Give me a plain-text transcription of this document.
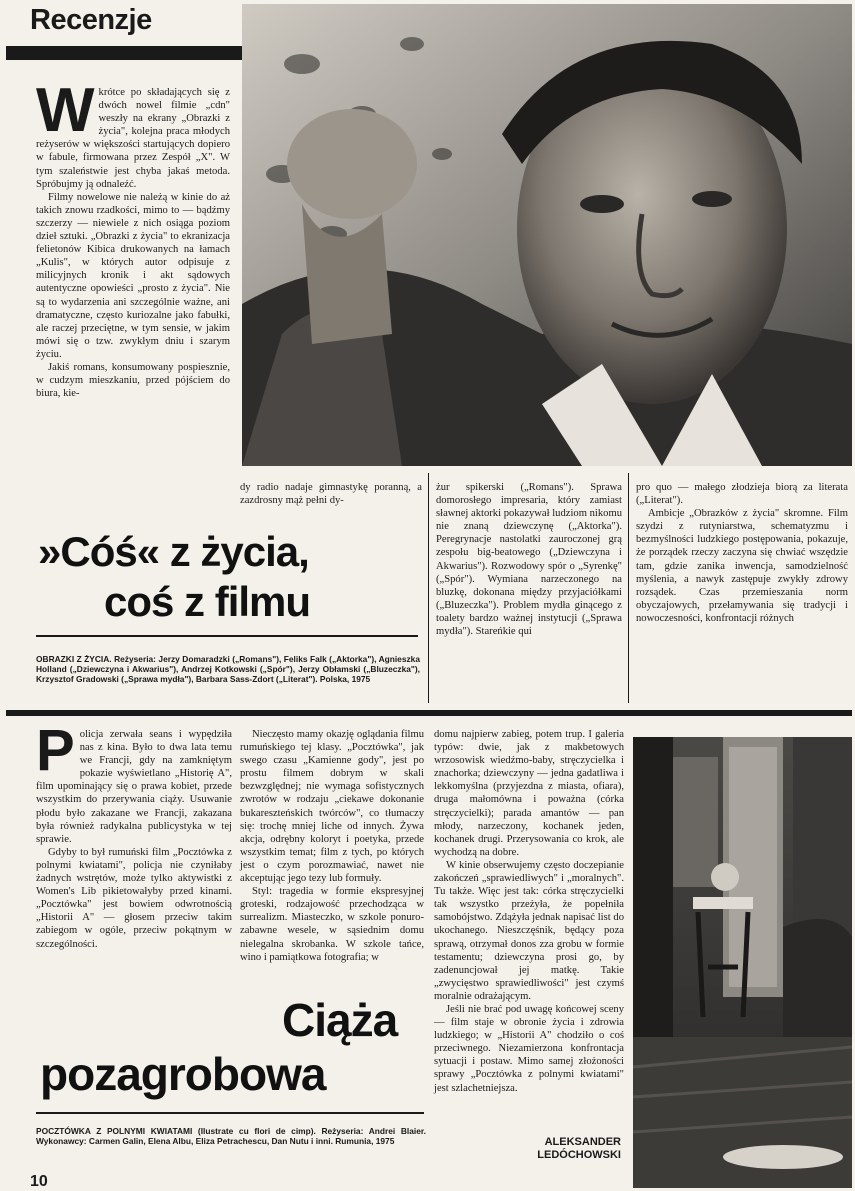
Recenzje
W krótce po składających się z dwóch nowel filmie „cdn" weszły na ekrany „Obrazki z życia", kolejna praca młodych reżyserów w większości startujących dopiero w fabule, firmowana przez Zespół „X". W tym szaleństwie jest chyba jakaś metoda. Spróbujmy ją odnaleźć.

Filmy nowelowe nie należą w kinie do aż takich znowu rzadkości, mimo to — bądźmy szczerzy — niewiele z nich osiąga poziom dzieł sztuki. „Obrazki z życia" to ekranizacja felietonów Kibica drukowanych na łamach „Kulis", w których autor odpisuje z milicyjnych kronik i akt sądowych autentyczne opowieści „prosto z życia". Nie są to wydarzenia ani szczególnie ważne, ani dramatyczne, często kuriozalne jako fabułki, ale raczej przeciętne, w tym sensie, w jakim mówi się o tzw. zwykłym dniu i szarym życiu.

Jakiś romans, konsumowany pospiesznie, w cudzym mieszkaniu, przed pójściem do biura, kie-

dy radio nadaje gimnastykę poranną, a zazdrosny mąż pełni dy-

»Cóś« z życia,
coś z filmu
OBRAZKI Z ŻYCIA. Reżyseria: Jerzy Domaradzki („Romans"), Feliks Falk („Aktorka"), Agnieszka Holland („Dziewczyna i Akwarius"), Andrzej Kotkowski („Spór"), Jerzy Obłamski („Bluzeczka"), Krzysztof Gradowski („Sprawa mydła"), Barbara Sass-Zdort („Literat"). Polska, 1975

żur spikerski („Romans"). Sprawa domorosłego impresaria, który zamiast sławnej aktorki pokazywał ludziom nikomu nie znaną dziewczynę („Aktorka"). Peregrynacje nastolatki zauroczonej grą zespołu big-beatowego („Dziewczyna i Akwarius"). Rozwodowy spór o „Syrenkę" („Spór"). Wymiana narzeczonego na bluzkę, dokonana między przyjaciółkami („Bluzeczka"). Problem mydła ginącego z toalety bardzo ważnej instytucji („Sprawa mydła"). Stareńkie qui

pro quo — małego złodzieja biorą za literata („Literat").

Ambicje „Obrazków z życia" skromne. Film szydzi z rutyniarstwa, schematyzmu i bezmyślności ludzkiego postępowania, pokazuje, że porządek rzeczy zaczyna się chwiać wszędzie tam, gdzie zanika inwencja, samodzielność myślenia, a nawyk zastępuje zwykły zdrowy rozsądek. Czas przemieszania norm obyczajowych, przełamywania się tradycji i nowoczesności, konfrontacji różnych

P olicja zerwała seans i wypędziła nas z kina. Było to dwa lata temu we Francji, gdy na zamkniętym pokazie wyświetlano „Historię A", film upominający się o prawa kobiet, przede wszystkim do przerywania ciąży. Usuwanie płodu było zakazane we Francji, zakazana była również radykalna publicystyka w tej sprawie.

Gdyby to był rumuński film „Pocztówka z polnymi kwiatami", policja nie czyniłaby żadnych wstrętów, może tylko aktywistki z Women's Lib pikietowałyby przed kinami. „Pocztówka" jest bowiem odwrotnością „Historii A" — głosem przeciw takim zabiegom w ogóle, przeciw pokątnym w szczególności.

Nieczęsto mamy okazję oglądania filmu rumuńskiego tej klasy. „Pocztówka", jak swego czasu „Kamienne gody", jest po prostu filmem dobrym w skali bezwzględnej; nie wymaga sofistycznych zwrotów w rodzaju „ciekawe dokonanie bukareszteńskich twórców", co tłumaczy się: trochę mniej liche od innych. Żywa akcja, odrębny koloryt i poetyka, przede wszystkim temat; film z tych, po których jest o czym porozmawiać, nawet nie akceptując jego tezy lub formuły.

Styl: tragedia w formie ekspresyjnej groteski, rodzajowość przechodząca w surrealizm. Miasteczko, w szkole ponuro-zabawne wesele, w sąsiednim domu nielegalna skrobanka. W szkole tańce, wino i pamiątkowa fotografia; w

Ciąża
pozagrobowa
POCZTÓWKA Z POLNYMI KWIATAMI (Ilustrate cu flori de cimp). Reżyseria: Andrei Blaier. Wykonawcy: Carmen Galin, Elena Albu, Eliza Petrachescu, Dan Nutu i inni. Rumunia, 1975

domu najpierw zabieg, potem trup. I galeria typów: dwie, jak z makbetowych wrzosowisk wiedźmo-baby, stręczycielka i znachorka; dziewczyny — jedna gadatliwa i lekkomyślna (przyjezdna z miasta, ofiara), druga małomówna i poważna (córka stręczycielki); parada amantów — pan młody, narzeczony, kochanek jeden, kochanek drugi. Przerysowania co krok, ale wychodzą na dobre.

W kinie obserwujemy często doczepianie zakończeń „sprawiedliwych" i „moralnych". Tu także. Więc jest tak: córka stręczycielki tak wszystko przeżyła, że popełniła samobójstwo. Zdążyła jednak napisać list do ukochanego. Nieszczęśnik, będący poza sprawą, otrzymał donos zza grobu w formie testamentu; dziewczyna prosi go, by zadenuncjował jej matkę. Takie „zwycięstwo sprawiedliwości" jest czymś moralnie odrażającym.

Jeśli nie brać pod uwagę końcowej sceny — film staje w obronie życia i zdrowia ludzkiego; w „Historii A" chodziło o coś przeciwnego. Niezamierzona konfrontacja sytuacji i postaw. Mimo samej złożoności sprawy „Pocztówka z polnymi kwiatami" jest szlachetniejsza.

ALEKSANDER
LEDÓCHOWSKI
10
